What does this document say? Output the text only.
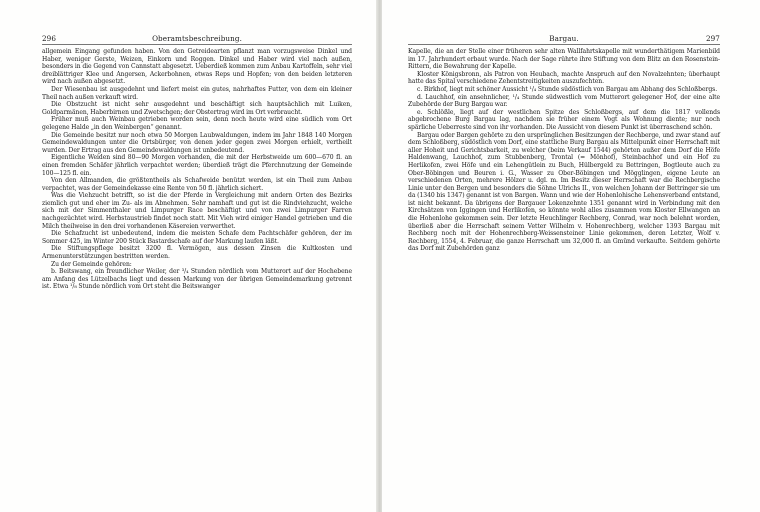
296	Oberamtsbeschreibung.

allgemein Eingang gefunden haben. Von den Getreidearten pflanzt man vorzugsweise Dinkel und Haber, weniger Gerste, Weizen, Einkorn und Roggen. Dinkel und Haber wird viel nach außen, besonders in die Gegend von Cannstatt abgesetzt. Ueberdieß kommen zum Anbau Kartoffeln, sehr viel dreiblättriger Klee und Angersen, Ackerbohnen, etwas Reps und Hopfen; von den beiden letzteren wird nach außen abgesetzt.

Der Wiesenbau ist ausgedehnt und liefert meist ein gutes, nahrhaftes Futter, von dem ein kleiner Theil nach außen verkauft wird.

Die Obstzucht ist nicht sehr ausgedehnt und beschäftigt sich hauptsächlich mit Luiken, Goldparmänen, Haberbirnen und Zwetschgen; der Obstertrag wird im Ort verbraucht.

Früher muß auch Weinbau getrieben worden sein, denn noch heute wird eine südlich vom Ort gelegene Halde „in den Weinbergen“ genannt.

Die Gemeinde besitzt nur noch etwa 50 Morgen Laubwaldungen, indem im Jahr 1848 140 Morgen Gemeindewaldungen unter die Ortsbürger, von denen jeder gegen zwei Morgen erhielt, vertheilt wurden. Der Ertrag aus den Gemeindewaldungen ist unbedeutend.

Eigentliche Weiden sind 80—90 Morgen vorhanden, die mit der Herbstweide um 600—670 fl. an einen fremden Schäfer jährlich verpachtet werden; überdieß trägt die Pferchnutzung der Gemeinde 100—125 fl. ein.

Von den Allmanden, die größtentheils als Schafweide benützt werden, ist ein Theil zum Anbau verpachtet, was der Gemeindekasse eine Rente von 50 fl. jährlich sichert.

Was die Viehzucht betrifft, so ist die der Pferde in Vergleichung mit andern Orten des Bezirks ziemlich gut und eher im Zu- als im Abnehmen. Sehr namhaft und gut ist die Rindviehzucht, welche sich mit der Simmenthaler und Limpurger Race beschäftigt und von zwei Limpurger Farren nachgezüchtet wird. Herbstaustrieb findet noch statt. Mit Vieh wird einiger Handel getrieben und die Milch theilweise in den drei vorhandenen Käsereien verwerthet.

Die Schafzucht ist unbedeutend, indem die meisten Schafe dem Pachtschäfer gehören, der im Sommer 425, im Winter 200 Stück Bastardschafe auf der Markung laufen läßt.

Die Stiftungspflege besitzt 3200 fl. Vermögen, aus dessen Zinsen die Kultkosten und Armenunterstützungen bestritten werden.

Zu der Gemeinde gehören:

b. Beitswang, ein freundlicher Weiler, der ³/₄ Stunden nördlich vom Mutterort auf der Hochebene am Anfang des Lützelbachs liegt und dessen Markung von der übrigen Gemeindemarkung getrennt ist. Etwa ¹/₈ Stunde nördlich vom Ort steht die Beitswanger

Bargau.	297

Kapelle, die an der Stelle einer früheren sehr alten Wallfahrtskapelle mit wunderthätigem Marienbild im 17. Jahrhundert erbaut wurde. Nach der Sage rührte ihre Stiftung von dem Blitz an den Rosenstein-Rittern, die Bewahrung der Kapelle.

Kloster Königsbronn, als Patron von Heubach, machte Anspruch auf den Novalzehnten; überhaupt hatte das Spital verschiedene Zehentstreitigkeiten auszufechten.

c. Birkhof, liegt mit schöner Aussicht ¹/₄ Stunde südöstlich von Bargau am Abhang des Schloßbergs.

d. Lauchhof, ein ansehnlicher, ¹/₄ Stunde südwestlich vom Mutterort gelegener Hof, der eine alte Zubehörde der Burg Bargau war.

e. Schlößle, liegt auf der westlichen Spitze des Schloßbergs, auf dem die 1817 vollends abgebrochene Burg Bargau lag, nachdem sie früher einem Vogt als Wohnung diente; nur noch spärliche Ueberreste sind von ihr vorhanden. Die Aussicht von diesem Punkt ist überraschend schön.

Bargau oder Bargen gehörte zu den ursprünglichen Besitzungen der Rechberge, und zwar stand auf dem Schloßberg, südöstlich vom Dorf, eine stattliche Burg Bargau als Mittelpunkt einer Herrschaft mit aller Hoheit und Gerichtsbarkeit, zu welcher (beim Verkauf 1544) gehörten außer dem Dorf die Höfe Haldenwang, Lauchhof, zum Stubbenberg, Trontal (= Mönhof), Steinbachhof und ein Hof zu Herlikofen, zwei Höfe und ein Lehengütlein zu Buch, Hülbergeld zu Bettringen, Bogtleute auch zu Ober-Böbingen und Beuren i. G., Wasser zu Ober-Böbingen und Mögglingen, eigene Leute an verschiedenen Orten, mehrere Hölzer u. dgl. m. Im Besitz dieser Herrschaft war die Rechbergische Linie unter den Bergen und besonders die Söhne Ulrichs II., von welchen Johann der Bettringer sie um da (1340 bis 1347) genannt ist von Bargen. Wann und wie der Hohenlohische Lehensverband entstand, ist nicht bekannt. Da übrigens der Bargauer Lokenzehnte 1351 genannt wird in Verbindung mit den Kirchsätzen von Iggingen und Herlikofen, so könnte wohl alles zusammen vom Kloster Ellwangen an die Hohenlohe gekommen sein. Der letzte Heuchlinger Rechberg, Conrad, war noch belehnt worden, überließ aber die Herrschaft seinem Vetter Wilhelm v. Hohenrechberg, welcher 1393 Bargau mit Rechberg noch mit der Hohenrechberg-Weissensteiner Linie gekommen, deren Letzter, Wolf v. Rechberg, 1554, 4. Februar, die ganze Herrschaft um 32,000 fl. an Gmünd verkaufte. Seitdem gehörte das Dorf mit Zubehörden ganz
